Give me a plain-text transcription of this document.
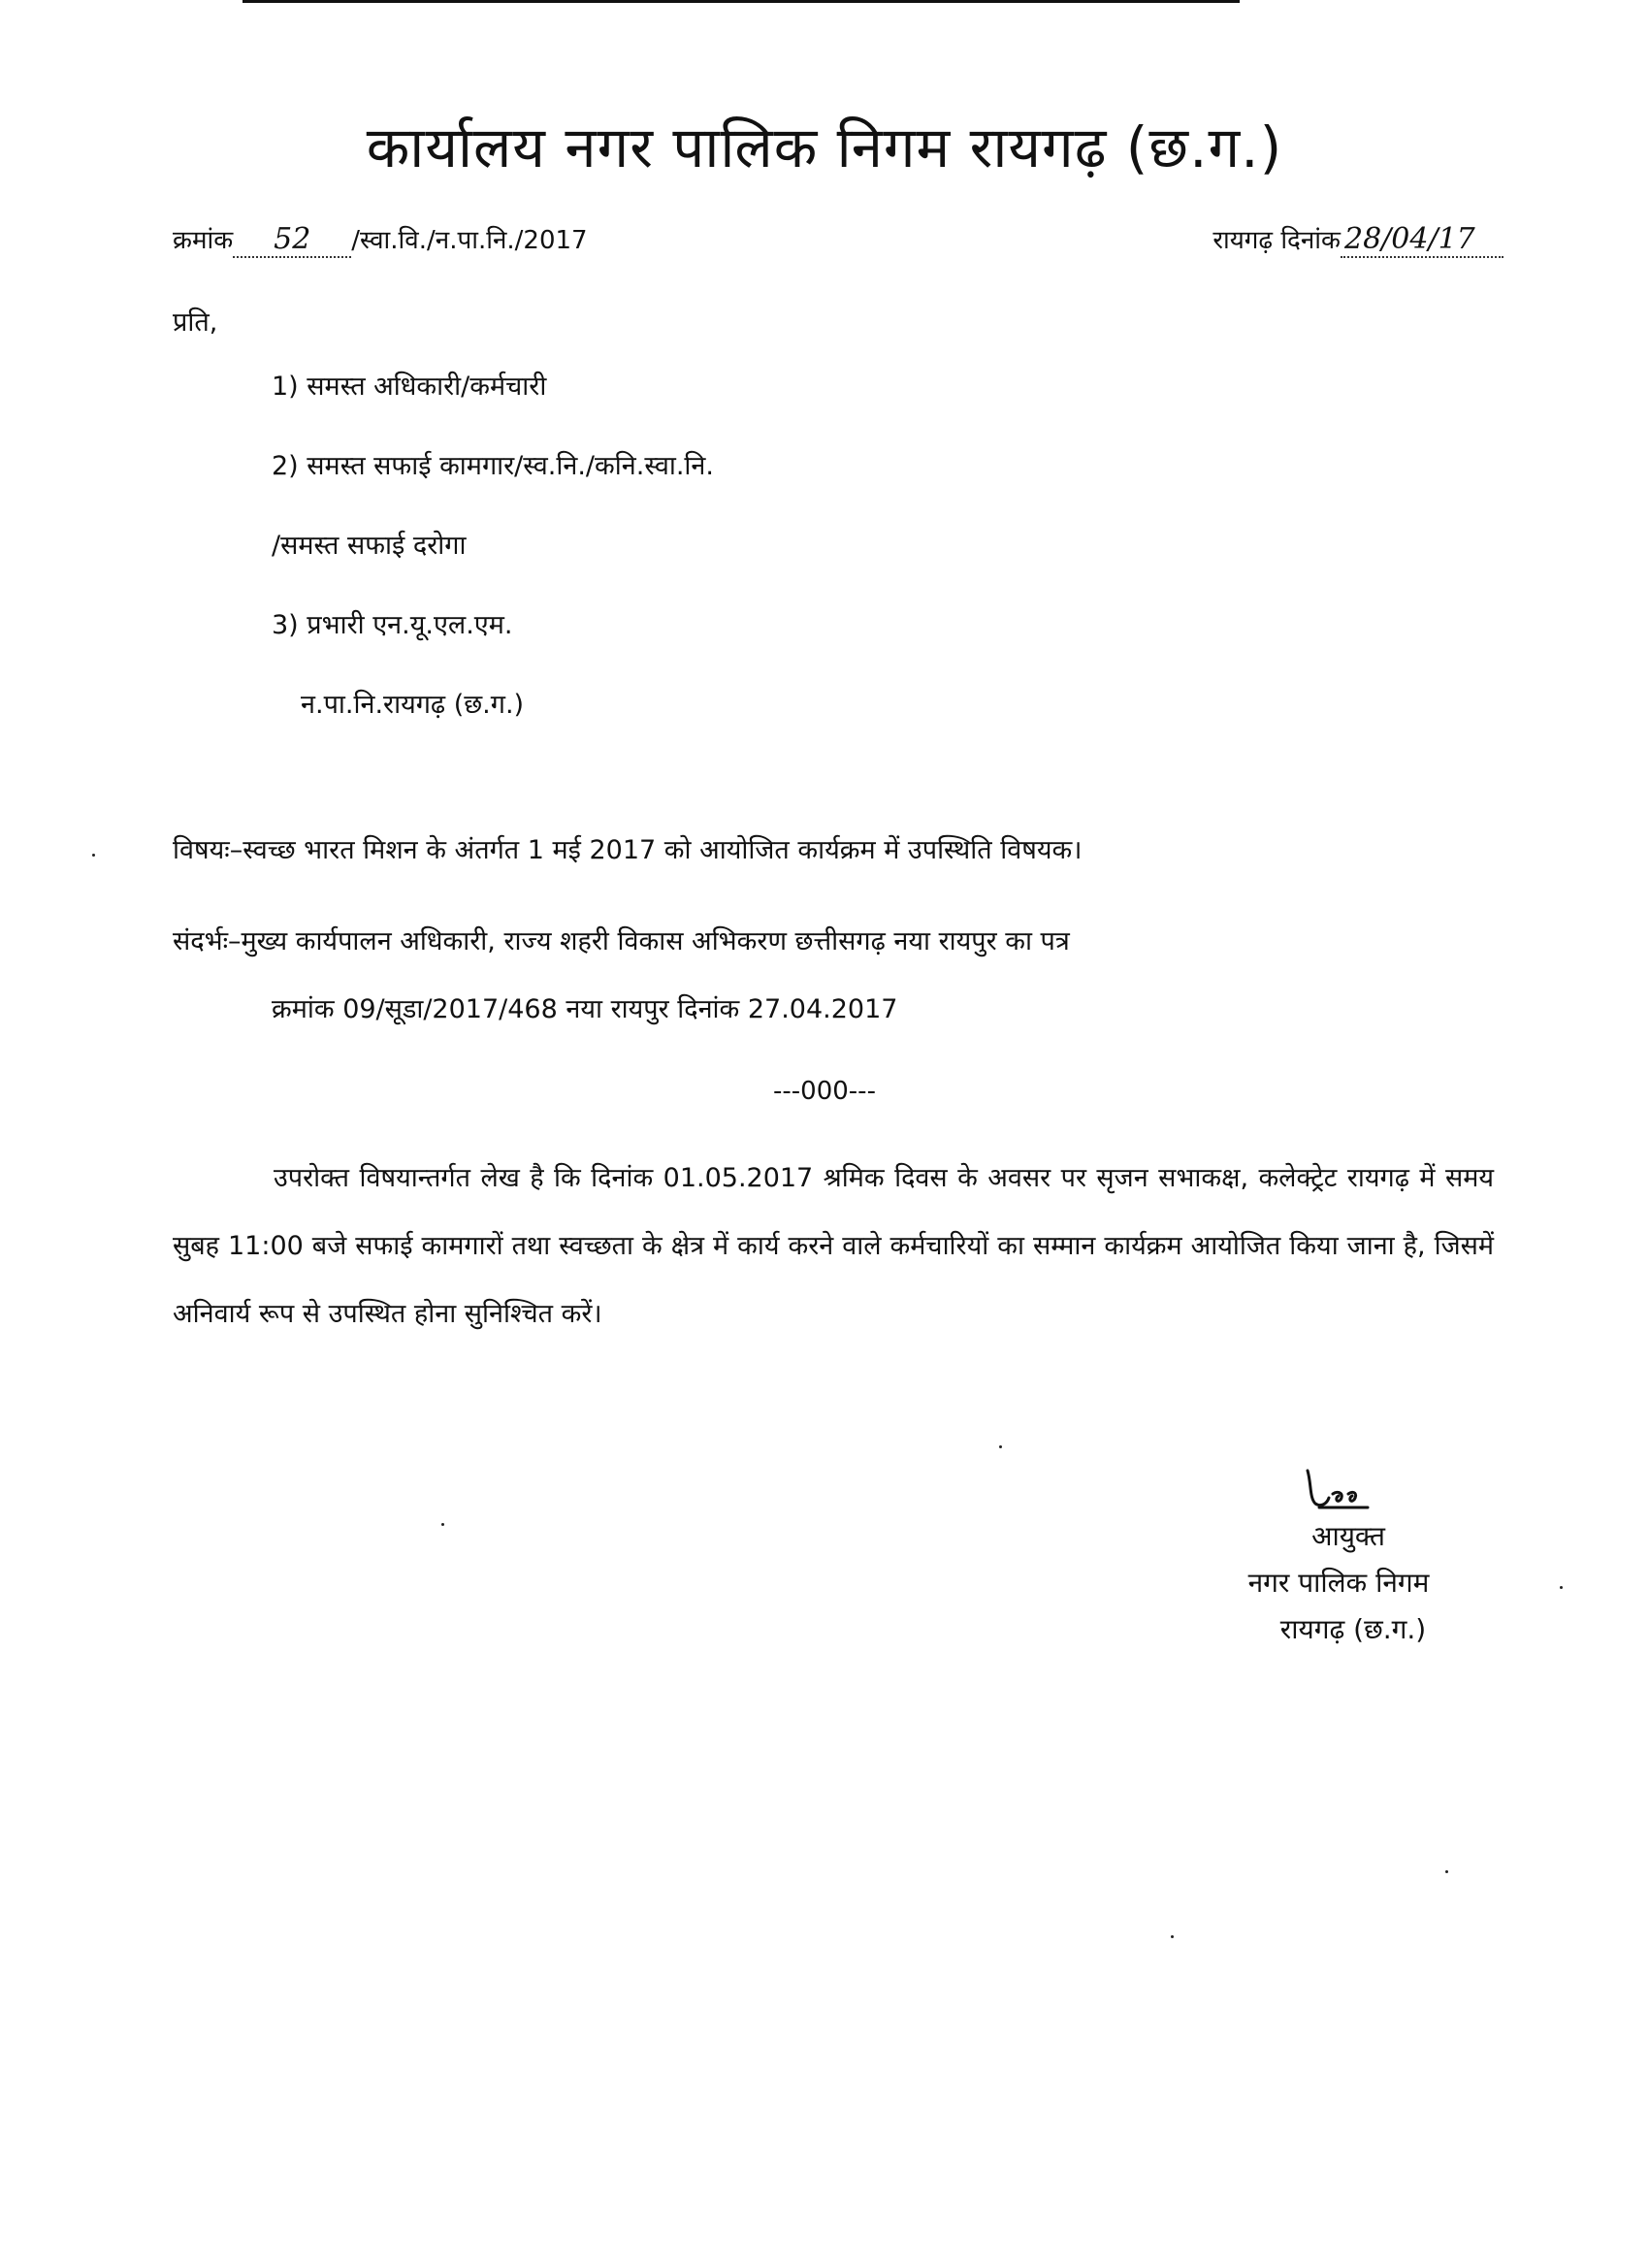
कार्यालय नगर पालिक निगम रायगढ़ (छ.ग.)
क्रमांक 52 /स्वा.वि./न.पा.नि./2017	रायगढ़ दिनांक 28/04/17
प्रति,
1) समस्त अधिकारी/कर्मचारी
2) समस्त सफाई कामगार/स्व.नि./कनि.स्वा.नि.
/समस्त सफाई दरोगा
3) प्रभारी एन.यू.एल.एम.
न.पा.नि.रायगढ़ (छ.ग.)
विषयः–स्वच्छ भारत मिशन के अंतर्गत 1 मई 2017 को आयोजित कार्यक्रम में उपस्थिति विषयक।
संदर्भः–मुख्य कार्यपालन अधिकारी, राज्य शहरी विकास अभिकरण छत्तीसगढ़ नया रायपुर का पत्र
क्रमांक 09/सूडा/2017/468 नया रायपुर दिनांक 27.04.2017
---000---
उपरोक्त विषयान्तर्गत लेख है कि दिनांक 01.05.2017 श्रमिक दिवस के अवसर पर सृजन सभाकक्ष, कलेक्ट्रेट रायगढ़ में समय सुबह 11:00 बजे सफाई कामगारों तथा स्वच्छता के क्षेत्र में कार्य करने वाले कर्मचारियों का सम्मान कार्यक्रम आयोजित किया जाना है, जिसमें अनिवार्य रूप से उपस्थित होना सुनिश्चित करें।
आयुक्त
नगर पालिक निगम
रायगढ़ (छ.ग.)
